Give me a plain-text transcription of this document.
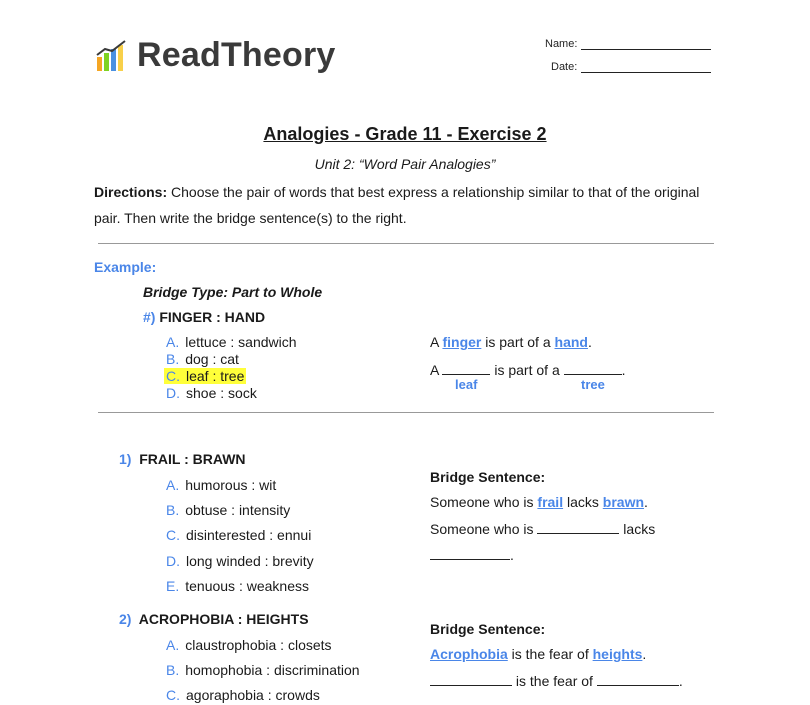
ReadTheory	Name:
Date:
Analogies - Grade 11 - Exercise 2
Unit 2: “Word Pair Analogies”
Directions: Choose the pair of words that best express a relationship similar to that of the original pair. Then write the bridge sentence(s) to the right.
Example:
Bridge Type: Part to Whole
#) FINGER : HAND
A. lettuce : sandwich
B. dog : cat
C. leaf : tree
D. shoe : sock
A finger is part of a hand.
A	is part of a	.
leaf	tree
1) FRAIL : BRAWN
A. humorous : wit
B. obtuse : intensity
C. disinterested : ennui
D. long winded : brevity
E. tenuous : weakness
Bridge Sentence:
Someone who is frail lacks brawn.
Someone who is	lacks
.
2) ACROPHOBIA : HEIGHTS
A. claustrophobia : closets
B. homophobia : discrimination
C. agoraphobia : crowds
Bridge Sentence:
Acrophobia is the fear of heights.
is the fear of	.
